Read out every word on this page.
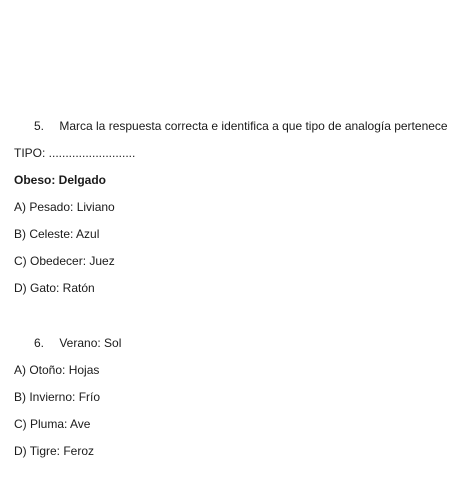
5. Marca la respuesta correcta e identifica a que tipo de analogía pertenece
TIPO: ..........................
Obeso: Delgado
A) Pesado: Liviano
B) Celeste: Azul
C) Obedecer: Juez
D) Gato: Ratón
6. Verano: Sol
A) Otoño: Hojas
B) Invierno: Frío
C) Pluma: Ave
D) Tigre: Feroz
